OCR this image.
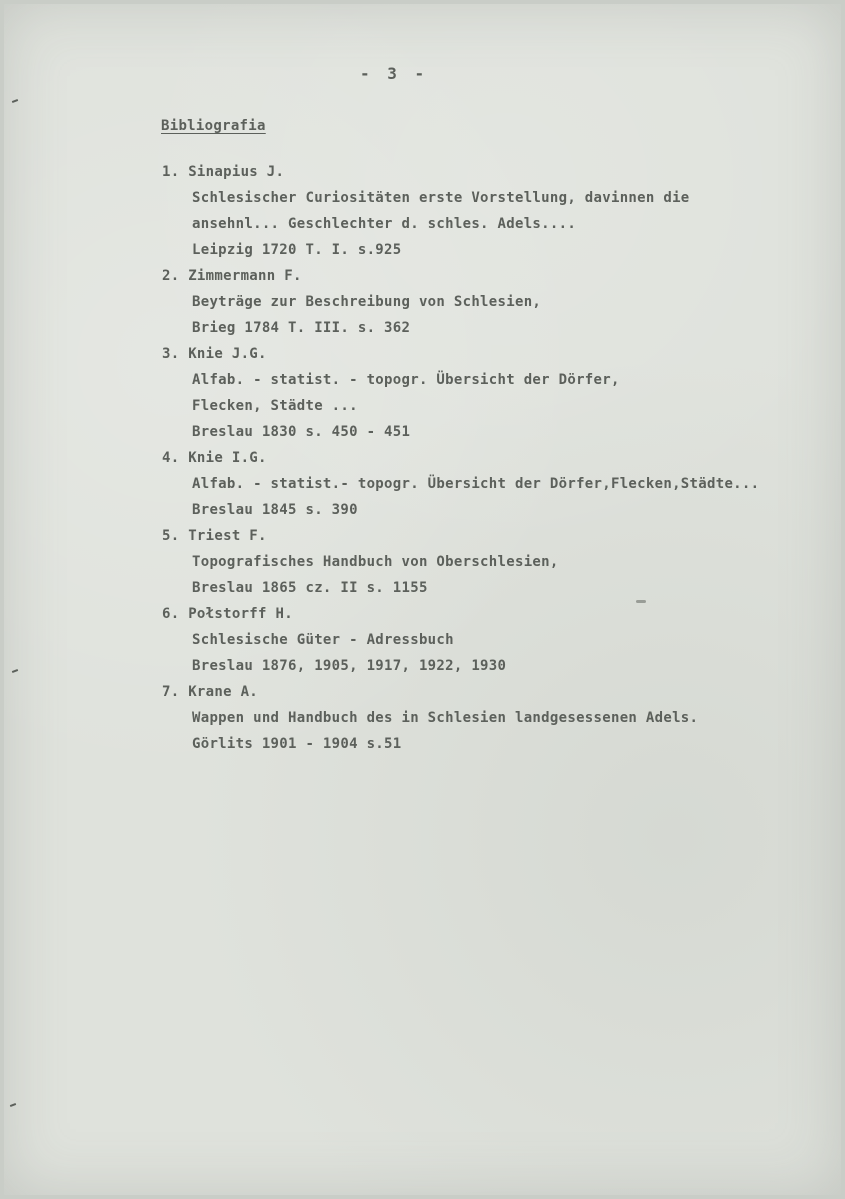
- 3 -
Bibliografia
1. Sinapius J.
Schlesischer Curiositäten erste Vorstellung, davinnen die
ansehnl... Geschlechter d. schles. Adels....
Leipzig 1720 T. I. s.925
2. Zimmermann F.
Beyträge zur Beschreibung von Schlesien,
Brieg 1784 T. III. s. 362
3. Knie J.G.
Alfab. - statist. - topogr. Übersicht der Dörfer,
Flecken, Städte ...
Breslau 1830 s. 450 - 451
4. Knie I.G.
Alfab. - statist.- topogr. Übersicht der Dörfer,Flecken,Städte...
Breslau 1845 s. 390
5. Triest F.
Topografisches Handbuch von Oberschlesien,
Breslau 1865 cz. II s. 1155
6. Połstorff H.
Schlesische Güter - Adressbuch
Breslau 1876, 1905, 1917, 1922, 1930
7. Krane A.
Wappen und Handbuch des in Schlesien landgesessenen Adels.
Görlits 1901 - 1904 s.51
